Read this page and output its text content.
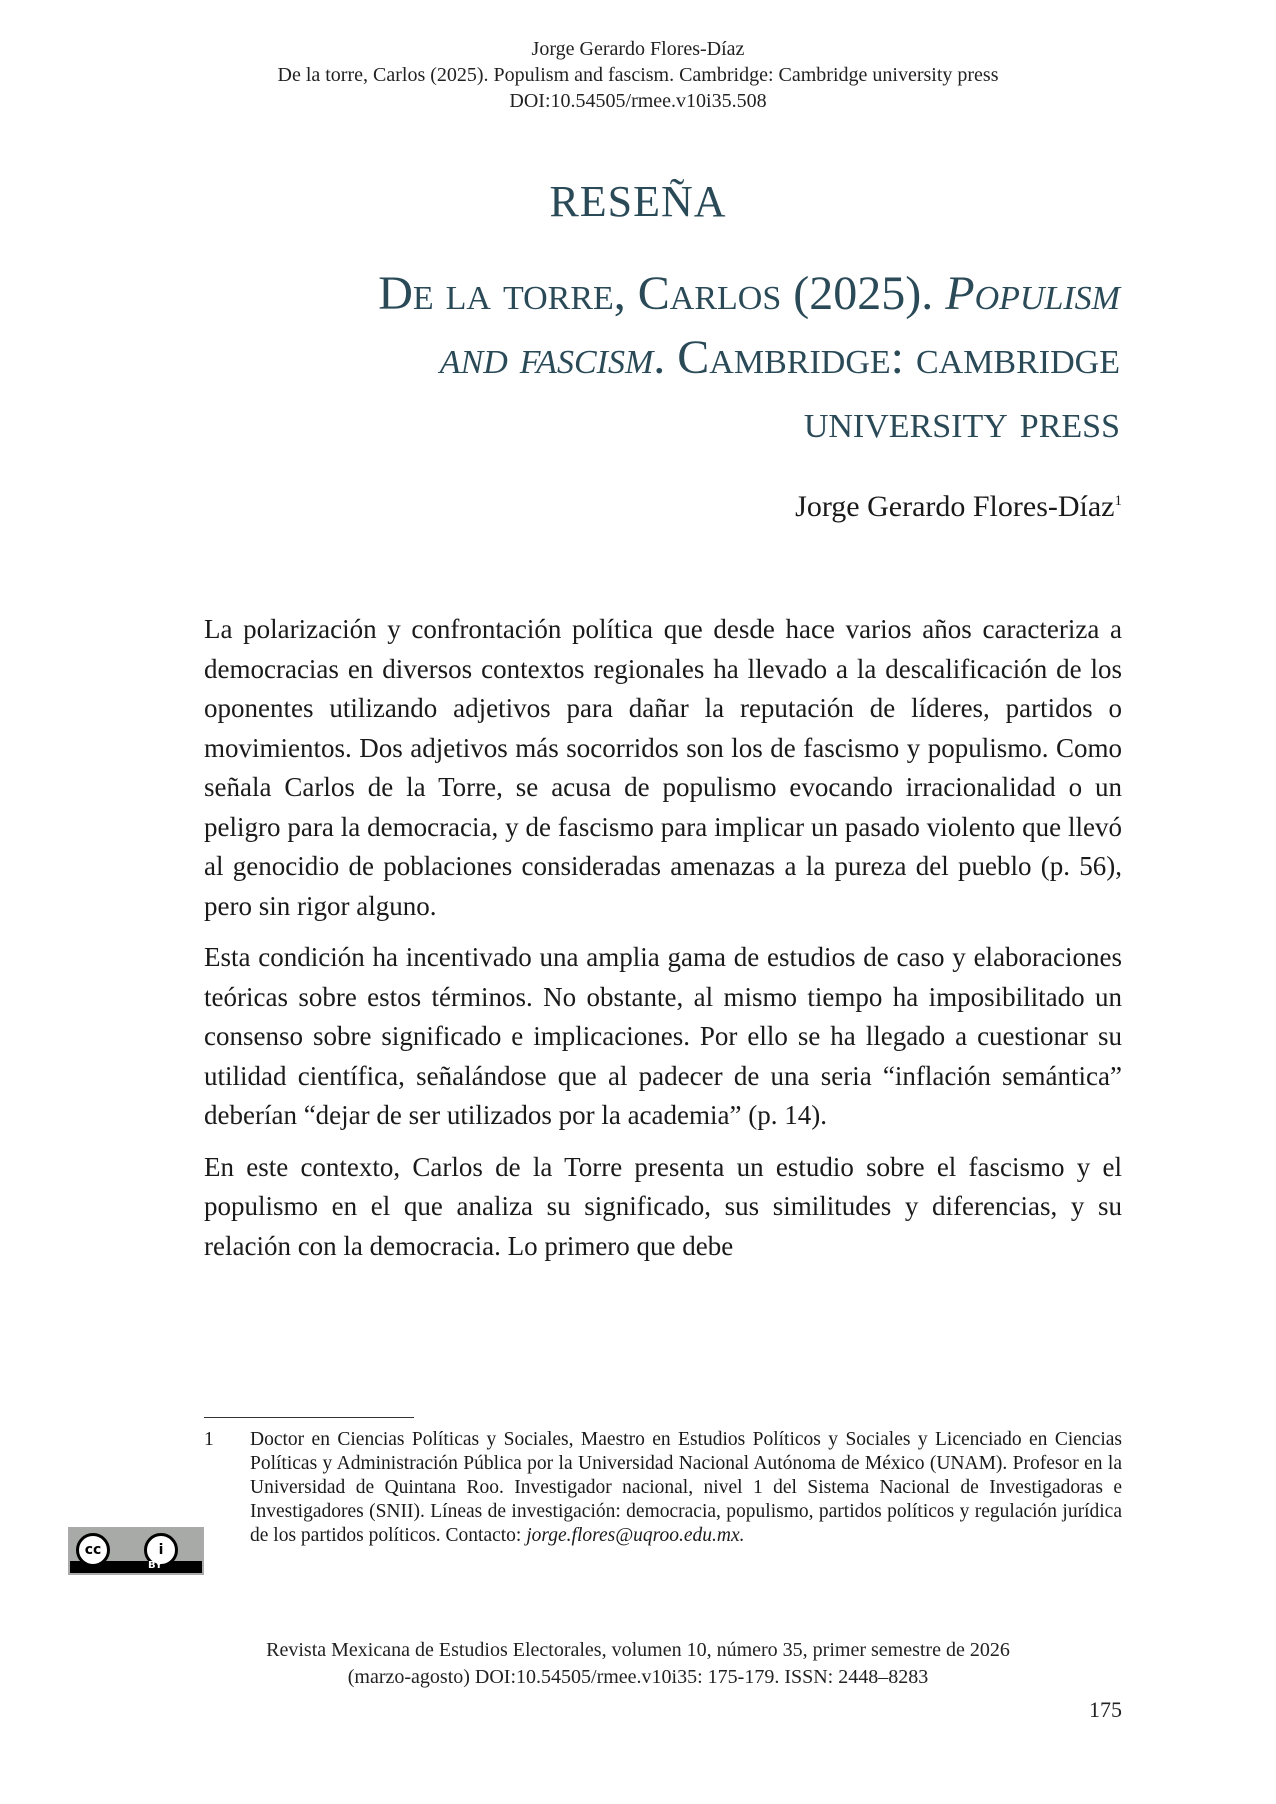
Jorge Gerardo Flores-Díaz
De la torre, Carlos (2025). Populism and fascism. Cambridge: Cambridge university press
DOI:10.54505/rmee.v10i35.508
RESEÑA
De la torre, Carlos (2025). Populism
and fascism. Cambridge: cambridge
university press
Jorge Gerardo Flores-Díaz$^1$

La polarización y confrontación política que desde hace varios años caracteriza a democracias en diversos contextos regionales ha llevado a la descalificación de los oponentes utilizando adjetivos para dañar la reputación de líderes, partidos o movimientos. Dos adjetivos más socorridos son los de fascismo y populismo. Como señala Carlos de la Torre, se acusa de populismo evocando irracionalidad o un peligro para la democracia, y de fascismo para implicar un pasado violento que llevó al genocidio de poblaciones consideradas amenazas a la pureza del pueblo (p. 56), pero sin rigor alguno.

Esta condición ha incentivado una amplia gama de estudios de caso y elaboraciones teóricas sobre estos términos. No obstante, al mismo tiempo ha imposibilitado un consenso sobre significado e implicaciones. Por ello se ha llegado a cuestionar su utilidad científica, señalándose que al padecer de una seria “inflación semántica” deberían “dejar de ser utilizados por la academia” (p. 14).

En este contexto, Carlos de la Torre presenta un estudio sobre el fascismo y el populismo en el que analiza su significado, sus similitudes y diferencias, y su relación con la democracia. Lo primero que debe

1 Doctor en Ciencias Políticas y Sociales, Maestro en Estudios Políticos y Sociales y Licenciado en Ciencias Políticas y Administración Pública por la Universidad Nacional Autónoma de México (UNAM). Profesor en la Universidad de Quintana Roo. Investigador nacional, nivel 1 del Sistema Nacional de Investigadoras e Investigadores (SNII). Líneas de investigación: democracia, populismo, partidos políticos y regulación jurídica de los partidos políticos. Contacto: jorge.flores@uqroo.edu.mx.
cc	i
BY
Revista Mexicana de Estudios Electorales, volumen 10, número 35, primer semestre de 2026
(marzo-agosto) DOI:10.54505/rmee.v10i35: 175-179. ISSN: 2448–8283
175
